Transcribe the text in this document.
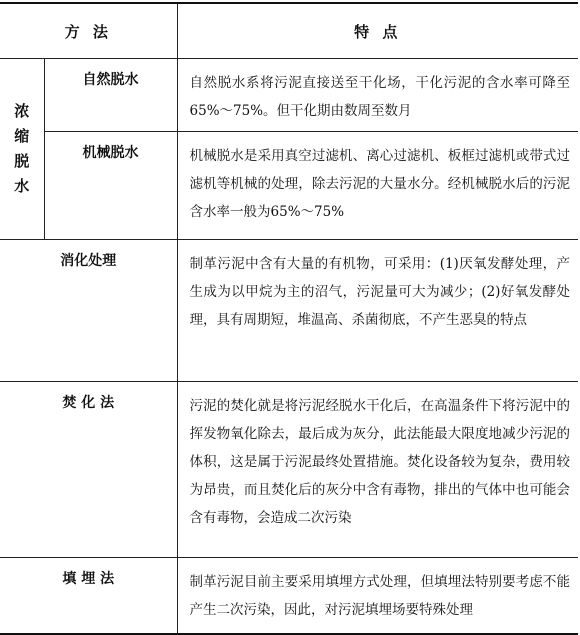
方 法		特 点

浓缩脱水	自然脱水	自然脱水系将污泥直接送至干化场，干化污泥的含水率可降至65%～75%。但干化期由数周至数月
	机械脱水	机械脱水是采用真空过滤机、离心过滤机、板框过滤机或带式过滤机等机械的处理，除去污泥的大量水分。经机械脱水后的污泥含水率一般为65%～75%
消化处理		制革污泥中含有大量的有机物，可采用：(1)厌氧发酵处理，产生成为以甲烷为主的沼气，污泥量可大为减少；(2)好氧发酵处理，具有周期短，堆温高、杀菌彻底，不产生恶臭的特点
焚 化 法		污泥的焚化就是将污泥经脱水干化后，在高温条件下将污泥中的挥发物氧化除去，最后成为灰分，此法能最大限度地减少污泥的体积，这是属于污泥最终处置措施。焚化设备较为复杂，费用较为昂贵，而且焚化后的灰分中含有毒物，排出的气体中也可能会含有毒物，会造成二次污染
填 埋 法		制革污泥目前主要采用填埋方式处理，但填埋法特别要考虑不能产生二次污染，因此，对污泥填埋场要特殊处理
